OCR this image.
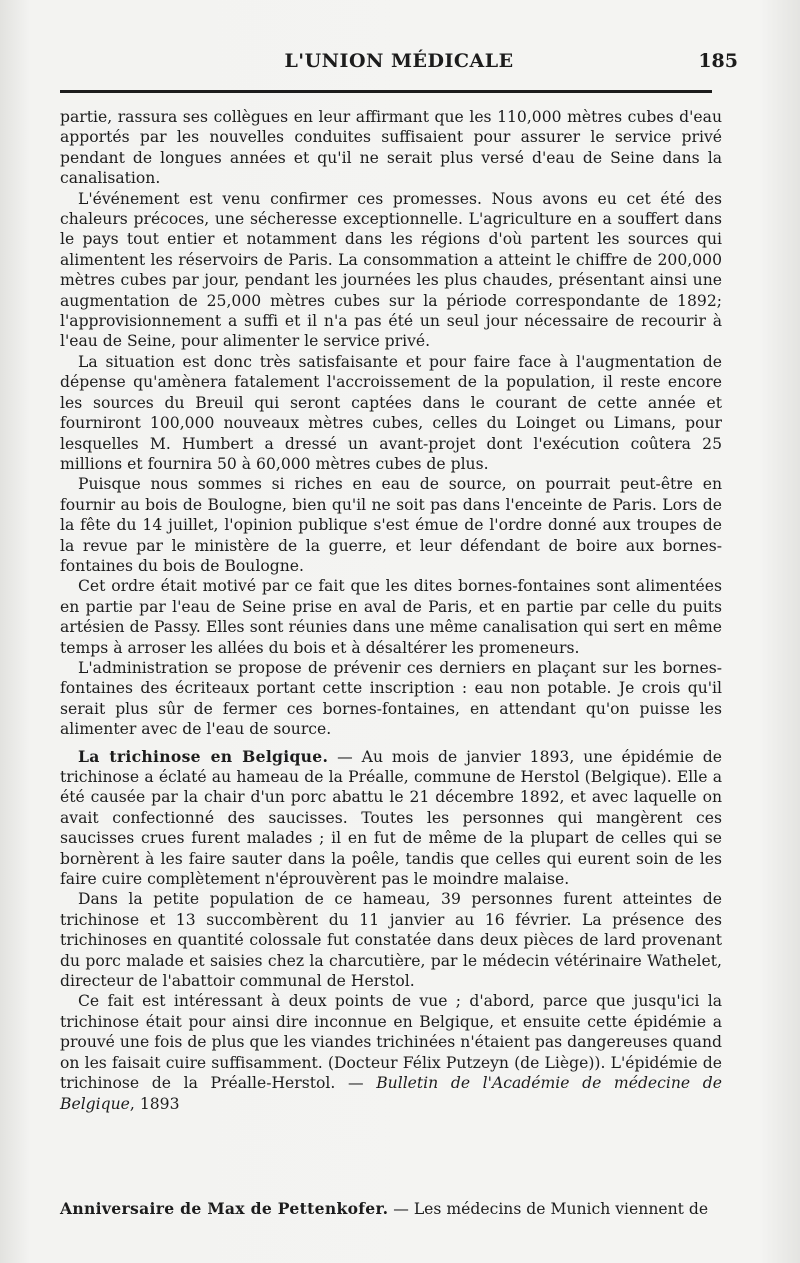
L'UNION MÉDICALE	185

partie, rassura ses collègues en leur affirmant que les 110,000 mètres cubes d'eau apportés par les nouvelles conduites suffisaient pour assurer le service privé pendant de longues années et qu'il ne serait plus versé d'eau de Seine dans la canalisation.

L'événement est venu confirmer ces promesses. Nous avons eu cet été des chaleurs précoces, une sécheresse exceptionnelle. L'agriculture en a souffert dans le pays tout entier et notamment dans les régions d'où partent les sources qui alimentent les réservoirs de Paris. La consommation a atteint le chiffre de 200,000 mètres cubes par jour, pendant les journées les plus chaudes, présentant ainsi une augmentation de 25,000 mètres cubes sur la période correspondante de 1892; l'approvisionnement a suffi et il n'a pas été un seul jour nécessaire de recourir à l'eau de Seine, pour alimenter le service privé.

La situation est donc très satisfaisante et pour faire face à l'augmentation de dépense qu'amènera fatalement l'accroissement de la population, il reste encore les sources du Breuil qui seront captées dans le courant de cette année et fourniront 100,000 nouveaux mètres cubes, celles du Loinget ou Limans, pour lesquelles M. Humbert a dressé un avant-projet dont l'exécution coûtera 25 millions et fournira 50 à 60,000 mètres cubes de plus.

Puisque nous sommes si riches en eau de source, on pourrait peut-être en fournir au bois de Boulogne, bien qu'il ne soit pas dans l'enceinte de Paris. Lors de la fête du 14 juillet, l'opinion publique s'est émue de l'ordre donné aux troupes de la revue par le ministère de la guerre, et leur défendant de boire aux bornes-fontaines du bois de Boulogne.

Cet ordre était motivé par ce fait que les dites bornes-fontaines sont alimentées en partie par l'eau de Seine prise en aval de Paris, et en partie par celle du puits artésien de Passy. Elles sont réunies dans une même canalisation qui sert en même temps à arroser les allées du bois et à désaltérer les promeneurs.

L'administration se propose de prévenir ces derniers en plaçant sur les bornes-fontaines des écriteaux portant cette inscription : eau non potable. Je crois qu'il serait plus sûr de fermer ces bornes-fontaines, en attendant qu'on puisse les alimenter avec de l'eau de source.

La trichinose en Belgique. — Au mois de janvier 1893, une épidémie de trichinose a éclaté au hameau de la Préalle, commune de Herstol (Belgique). Elle a été causée par la chair d'un porc abattu le 21 décembre 1892, et avec laquelle on avait confectionné des saucisses. Toutes les personnes qui mangèrent ces saucisses crues furent malades ; il en fut de même de la plupart de celles qui se bornèrent à les faire sauter dans la poêle, tandis que celles qui eurent soin de les faire cuire complètement n'éprouvèrent pas le moindre malaise.

Dans la petite population de ce hameau, 39 personnes furent atteintes de trichinose et 13 succombèrent du 11 janvier au 16 février. La présence des trichinoses en quantité colossale fut constatée dans deux pièces de lard provenant du porc malade et saisies chez la charcutière, par le médecin vétérinaire Wathelet, directeur de l'abattoir communal de Herstol.

Ce fait est intéressant à deux points de vue ; d'abord, parce que jusqu'ici la trichinose était pour ainsi dire inconnue en Belgique, et ensuite cette épidémie a prouvé une fois de plus que les viandes trichinées n'étaient pas dangereuses quand on les faisait cuire suffisamment. (Docteur Félix Putzeyn (de Liège)). L'épidémie de trichinose de la Préalle-Herstol. — Bulletin de l'Académie de médecine de Belgique, 1893

Anniversaire de Max de Pettenkofer. — Les médecins de Munich viennent de
